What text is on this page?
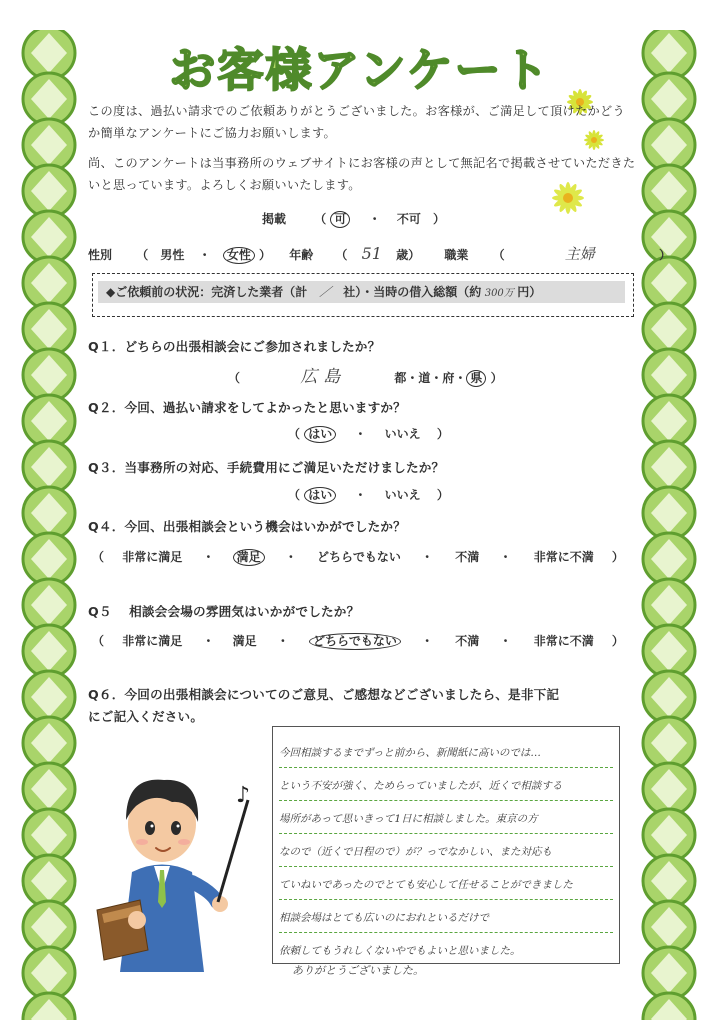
お客様アンケート
この度は、過払い請求でのご依頼ありがとうございました。お客様が、ご満足して頂けたかどうか簡単なアンケートにご協力お願いします。
尚、このアンケートは当事務所のウェブサイトにお客様の声として無記名で掲載させていただきたいと思っています。よろしくお願いいたします。
掲載 （ 可 ・ 不可 ）
性別 （ 男性 ・ 女性 ） 年齢 （ 51 歳） 職業 （	主婦	）
◆ご依頼前の状況：完済した業者（計 ／ 社）・当時の借入総額（約 300万 円）
Q１．どちらの出張相談会にご参加されましたか？
（	広島	都・道・府・ 県 ）
Q２．今回、過払い請求をしてよかったと思いますか？
（ はい ・ いいえ ）
Q３．当事務所の対応、手続費用にご満足いただけましたか？
（ はい ・ いいえ ）
Q４．今回、出張相談会という機会はいかがでしたか？
（ 非常に満足 ・ 満足 ・ どちらでもない ・ 不満 ・ 非常に不満 ）
Q５　 相談会会場の雰囲気はいかがでしたか？
（ 非常に満足 ・ 満足 ・ どちらでもない ・ 不満 ・ 非常に不満 ）
Q６．今回の出張相談会についてのご意見、ご感想などございましたら、是非下記
にご記入ください。
♪
今回相談するまでずっと前から、新聞紙に高いのでは…
という不安が強く、ためらっていましたが、近くで相談する
場所があって思いきって1日に相談しました。東京の方
なので（近くで日程ので）が？っでなかしい、また対応も
ていねいであったのでとても安心して任せることができました
相談会場はとても広いのにおれといるだけで
依頼してもうれしくないやでもよいと思いました。
ありがとうございました。
